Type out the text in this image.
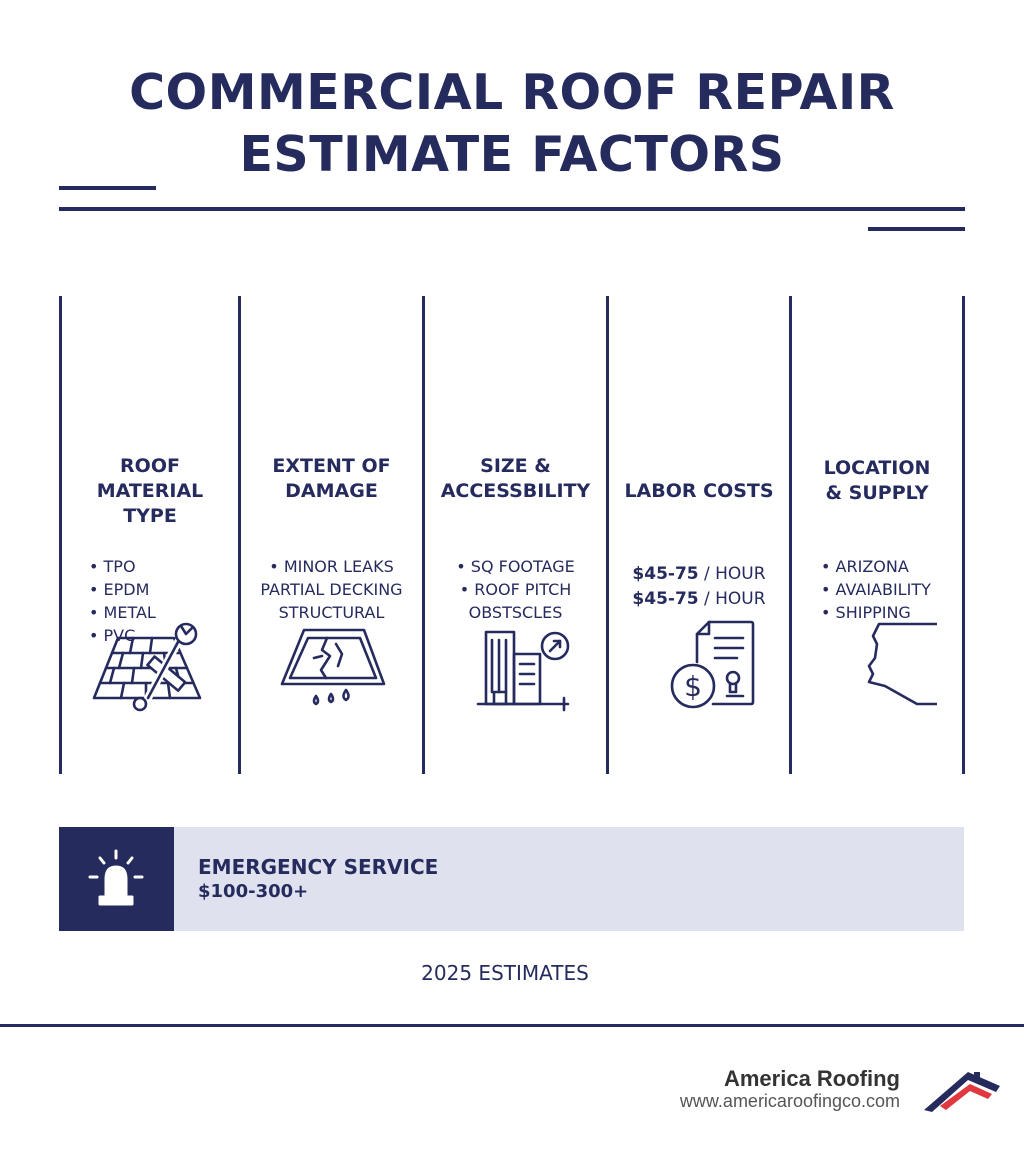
COMMERCIAL ROOF REPAIR
ESTIMATE FACTORS
ROOF
MATERIAL
TYPE
• TPO
• EPDM
• METAL
• PVC
EXTENT OF
DAMAGE
• MINOR LEAKS
PARTIAL DECKING
STRUCTURAL
SIZE &
ACCESSBILITY
• SQ FOOTAGE
• ROOF PITCH
OBSTSCLES
$
LABOR COSTS
$45-75 / HOUR
$45-75 / HOUR
LOCATION
& SUPPLY
• ARIZONA
• AVAIABILITY
• SHIPPING
EMERGENCY SERVICE
$100-300+
2025 ESTIMATES
America Roofing
www.americaroofingco.com
